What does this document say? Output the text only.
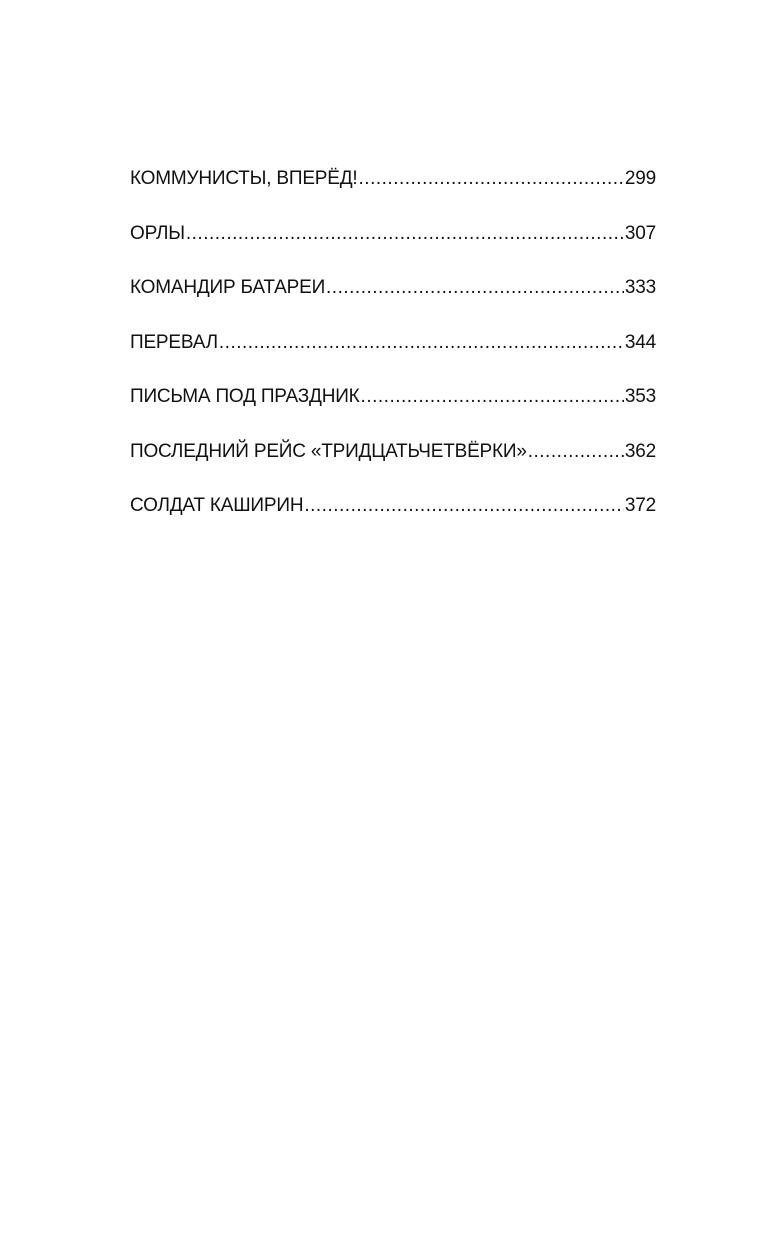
КОММУНИСТЫ, ВПЕРЁД! .....	299
ОРЛЫ .....	307
КОМАНДИР БАТАРЕИ .....	333
ПЕРЕВАЛ .....	344
ПИСЬМА ПОД ПРАЗДНИК .....	353
ПОСЛЕДНИЙ РЕЙС «ТРИДЦАТЬЧЕТВЁРКИ» .....	362
СОЛДАТ КАШИРИН .....	372
